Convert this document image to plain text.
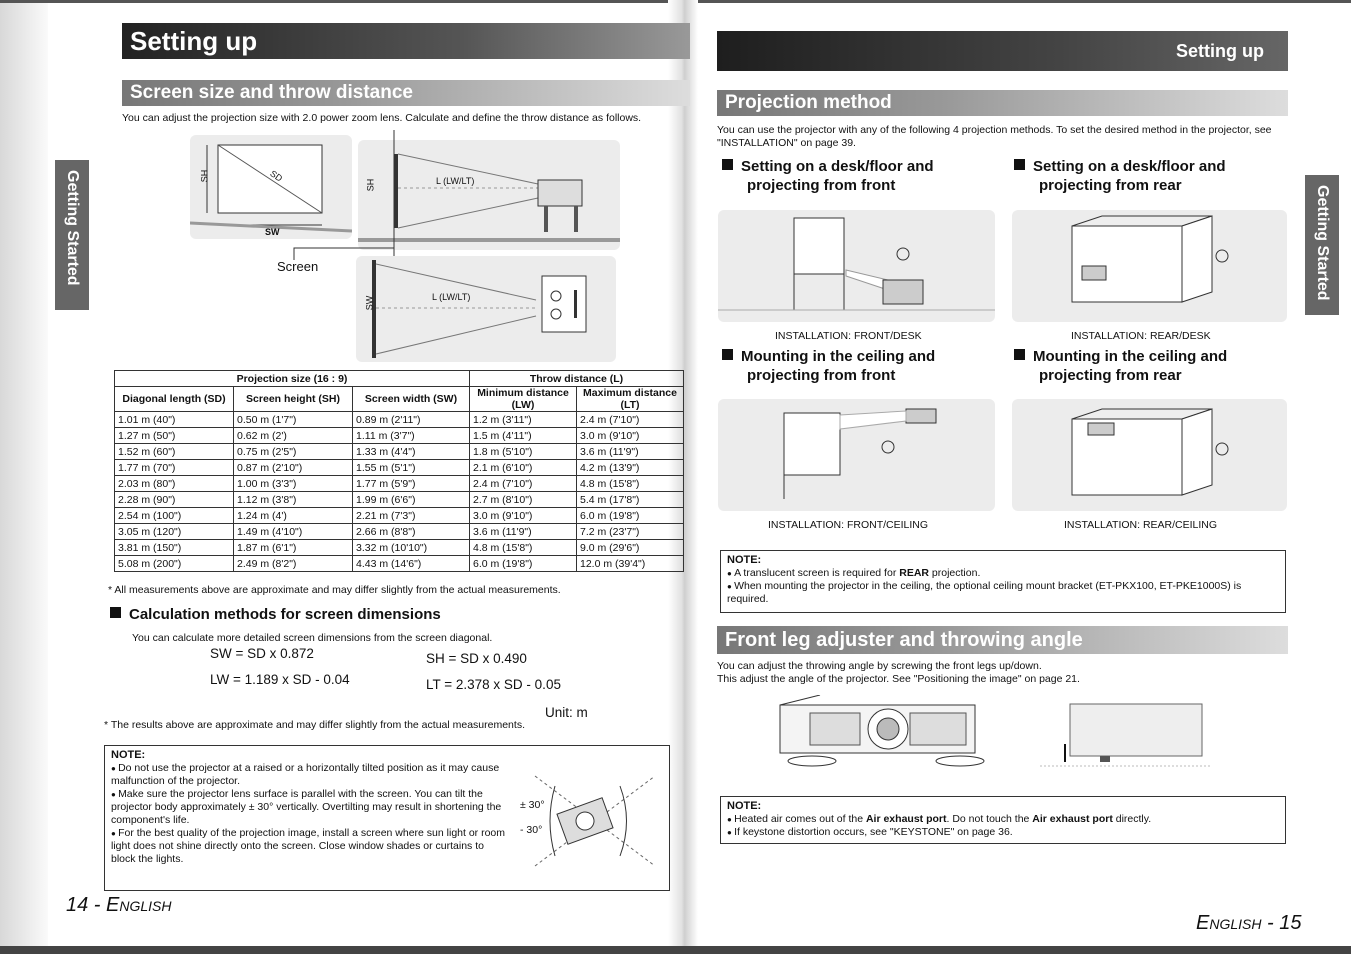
Setting up
Getting Started
Screen size and throw distance
You can adjust the projection size with 2.0 power zoom lens. Calculate and define the throw distance as follows.
SH	SD
SW
SH	L (LW/LT)
Screen
SW	L (LW/LT)
Projection size (16 : 9)			Throw distance (L)	
Diagonal length (SD)	Screen height (SH)	Screen width (SW)	Minimum distance (LW)	Maximum distance (LT)
1.01 m (40")	0.50 m (1'7")	0.89 m (2'11")	1.2 m (3'11")	2.4 m (7'10")
1.27 m (50")	0.62 m (2')	1.11 m (3'7")	1.5 m (4'11")	3.0 m (9'10")
1.52 m (60")	0.75 m (2'5")	1.33 m (4'4")	1.8 m (5'10")	3.6 m (11'9")
1.77 m (70")	0.87 m (2'10")	1.55 m (5'1")	2.1 m (6'10")	4.2 m (13'9")
2.03 m (80")	1.00 m (3'3")	1.77 m (5'9")	2.4 m (7'10")	4.8 m (15'8")
2.28 m (90")	1.12 m (3'8")	1.99 m (6'6")	2.7 m (8'10")	5.4 m (17'8")
2.54 m (100")	1.24 m (4')	2.21 m (7'3")	3.0 m (9'10")	6.0 m (19'8")
3.05 m (120")	1.49 m (4'10")	2.66 m (8'8")	3.6 m (11'9")	7.2 m (23'7")
3.81 m (150")	1.87 m (6'1")	3.32 m (10'10")	4.8 m (15'8")	9.0 m (29'6")
5.08 m (200")	2.49 m (8'2")	4.43 m (14'6")	6.0 m (19'8")	12.0 m (39'4")
* All measurements above are approximate and may differ slightly from the actual measurements.
Calculation methods for screen dimensions
You can calculate more detailed screen dimensions from the screen diagonal.
SW = SD x 0.872	SH = SD x 0.490
LW = 1.189 x SD - 0.04	LT = 2.378 x SD - 0.05
Unit: m
* The results above are approximate and may differ slightly from the actual measurements.
NOTE:
● Do not use the projector at a raised or a horizontally tilted position as it may cause malfunction of the projector.
● Make sure the projector lens surface is parallel with the screen. You can tilt the projector body approximately ± 30° vertically. Overtilting may result in shortening the component's life.
● For the best quality of the projection image, install a screen where sun light or room light does not shine directly onto the screen. Close window shades or curtains to block the lights.
± 30°
- 30°
14 - English
Setting up
Getting Started
Projection method
You can use the projector with any of the following 4 projection methods. To set the desired method in the projector, see "INSTALLATION" on page 39.
Setting on a desk/floor and
projecting from front
Setting on a desk/floor and
projecting from rear
INSTALLATION: FRONT/DESK	INSTALLATION: REAR/DESK
Mounting in the ceiling and
projecting from front
Mounting in the ceiling and
projecting from rear
INSTALLATION: FRONT/CEILING	INSTALLATION: REAR/CEILING
NOTE:
● A translucent screen is required for REAR projection.
● When mounting the projector in the ceiling, the optional ceiling mount bracket (ET-PKX100, ET-PKE1000S) is required.
Front leg adjuster and throwing angle
You can adjust the throwing angle by screwing the front legs up/down.
This adjust the angle of the projector. See "Positioning the image" on page 21.
NOTE:
● Heated air comes out of the Air exhaust port. Do not touch the Air exhaust port directly.
● If keystone distortion occurs, see "KEYSTONE" on page 36.
English - 15
